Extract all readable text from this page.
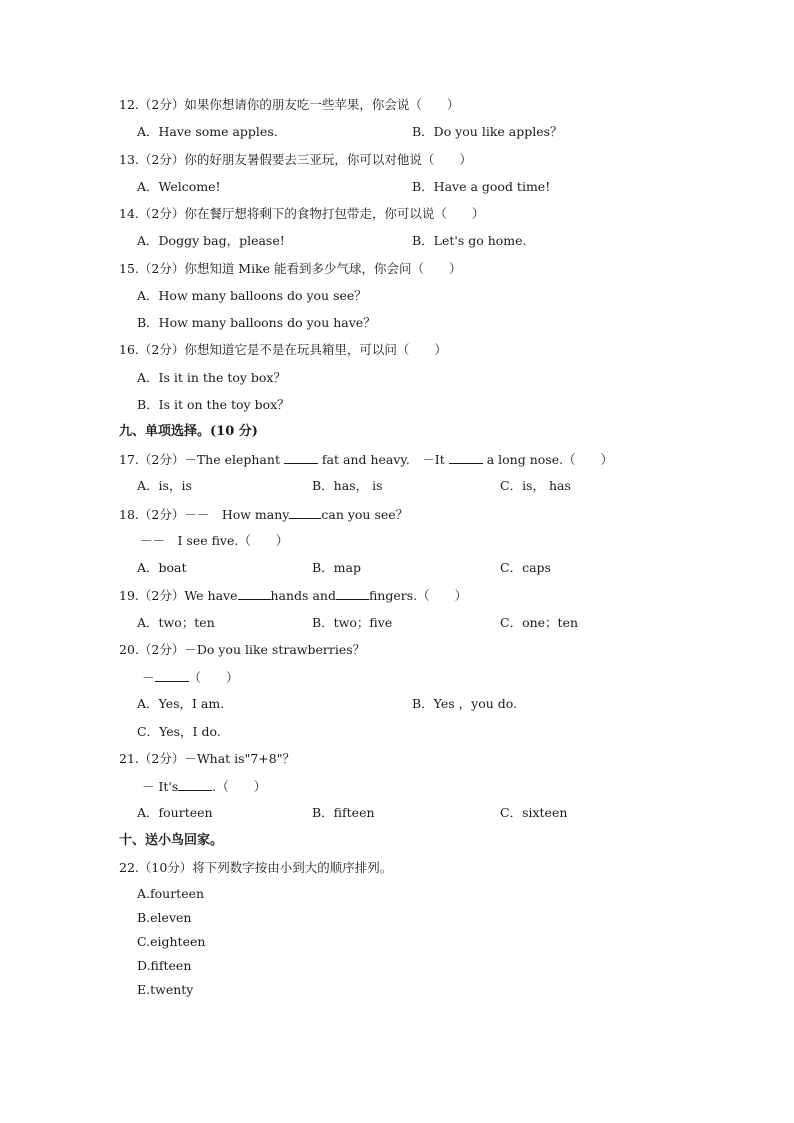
12.（2分）如果你想请你的朋友吃一些苹果，你会说（　　）
A．Have some apples.	B．Do you like apples？
13.（2分）你的好朋友暑假要去三亚玩，你可以对他说（　　）
A．Welcome!	B．Have a good time!
14.（2分）你在餐厅想将剩下的食物打包带走，你可以说（　　）
A．Doggy bag，please!	B．Let's go home.
15.（2分）你想知道 Mike 能看到多少气球，你会问（　　）
A．How many balloons do you see？
B．How many balloons do you have？
16.（2分）你想知道它是不是在玩具箱里，可以问（　　）
A．Is it in the toy box？
B．Is it on the toy box？
九、单项选择。(10 分)
17.（2分）－The elephant	fat and heavy.　－It	a long nose.（　　）
A．is，is	B．has， is	C．is， has
18.（2分）－－　How many	can you see？
－－　I see five.（　　）
A．boat	B．map	C．caps
19.（2分）We have	hands and	fingers.（　　）
A．two；ten	B．two；five	C．one；ten
20.（2分）－Do you like strawberries？
－	（　　）
A．Yes，I am.	B．Yes ，you do.
C．Yes，I do.
21.（2分）－What is"7+8"？
－ It's	.（　　）
A．fourteen	B．fifteen	C．sixteen
十、送小鸟回家。
22.（10分）将下列数字按由小到大的顺序排列。
A.fourteen
B.eleven
C.eighteen
D.fifteen
E.twenty
